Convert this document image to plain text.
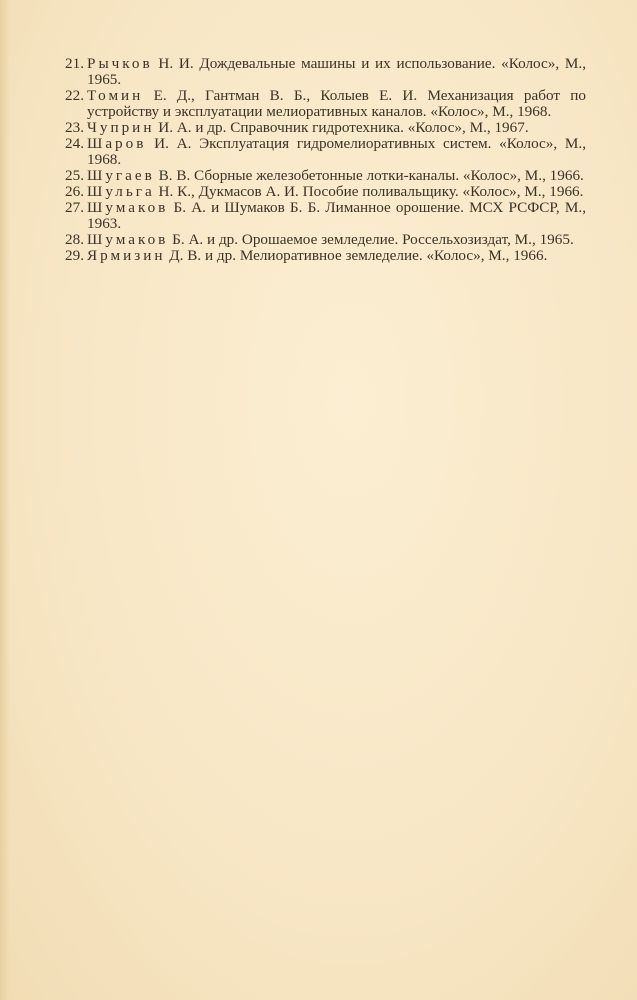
21. Рычков Н. И. Дождевальные машины и их использование. «Колос», М., 1965.
22. Томин Е. Д., Гантман В. Б., Колыев Е. И. Механизация работ по устройству и эксплуатации мелиоративных каналов. «Колос», М., 1968.
23. Чуприн И. А. и др. Справочник гидротехника. «Колос», М., 1967.
24. Шаров И. А. Эксплуатация гидромелиоративных систем. «Колос», М., 1968.
25. Шугаев В. В. Сборные железобетонные лотки-каналы. «Колос», М., 1966.
26. Шульга Н. К., Дукмасов А. И. Пособие поливальщику. «Колос», М., 1966.
27. Шумаков Б. А. и Шумаков Б. Б. Лиманное орошение. МСХ РСФСР, М., 1963.
28. Шумаков Б. А. и др. Орошаемое земледелие. Россельхозиздат, М., 1965.
29. Ярмизин Д. В. и др. Мелиоративное земледелие. «Колос», М., 1966.
